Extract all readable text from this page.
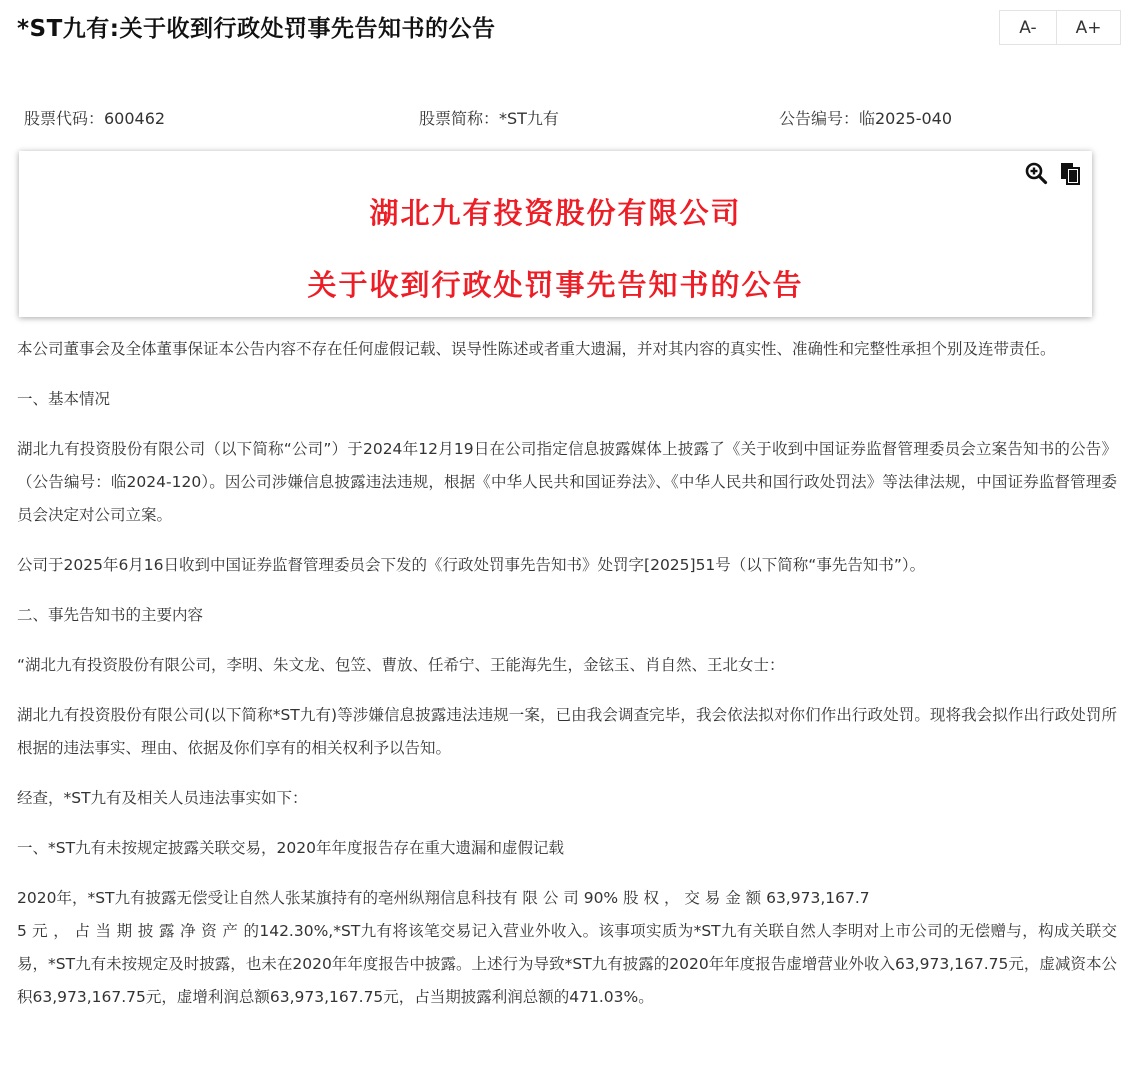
*ST九有:关于收到行政处罚事先告知书的公告	A-	A+
股票代码：600462	股票简称：*ST九有	公告编号：临2025-040
湖北九有投资股份有限公司
关于收到行政处罚事先告知书的公告

本公司董事会及全体董事保证本公告内容不存在任何虚假记载、误导性陈述或者重大遗漏，并对其内容的真实性、准确性和完整性承担个别及连带责任。

一、基本情况

湖北九有投资股份有限公司（以下简称“公司”）于2024年12月19日在公司指定信息披露媒体上披露了《关于收到中国证券监督管理委员会立案告知书的公告》（公告编号：临2024-120）。因公司涉嫌信息披露违法违规，根据《中华人民共和国证券法》、《中华人民共和国行政处罚法》等法律法规，中国证券监督管理委员会决定对公司立案。

公司于2025年6月16日收到中国证券监督管理委员会下发的《行政处罚事先告知书》处罚字[2025]51号（以下简称“事先告知书”）。

二、事先告知书的主要内容

“湖北九有投资股份有限公司，李明、朱文龙、包笠、曹放、任希宁、王能海先生，金铉玉、肖自然、王北女士：

湖北九有投资股份有限公司(以下简称*ST九有)等涉嫌信息披露违法违规一案，已由我会调查完毕，我会依法拟对你们作出行政处罚。现将我会拟作出行政处罚所根据的违法事实、理由、依据及你们享有的相关权利予以告知。

经查，*ST九有及相关人员违法事实如下：

一、*ST九有未按规定披露关联交易，2020年年度报告存在重大遗漏和虚假记载

2020年，*ST九有披露无偿受让自然人张某旗持有的亳州纵翔信息科技有 限 公 司 90% 股 权 ， 交 易 金 额 63,973,167.7

5 元 ， 占 当 期 披 露 净 资 产 的142.30%,*ST九有将该笔交易记入营业外收入。该事项实质为*ST九有关联自然人李明对上市公司的无偿赠与，构成关联交易，*ST九有未按规定及时披露，也未在2020年年度报告中披露。上述行为导致*ST九有披露的2020年年度报告虚增营业外收入63,973,167.75元，虚减资本公积63,973,167.75元，虚增利润总额63,973,167.75元，占当期披露利润总额的471.03%。
